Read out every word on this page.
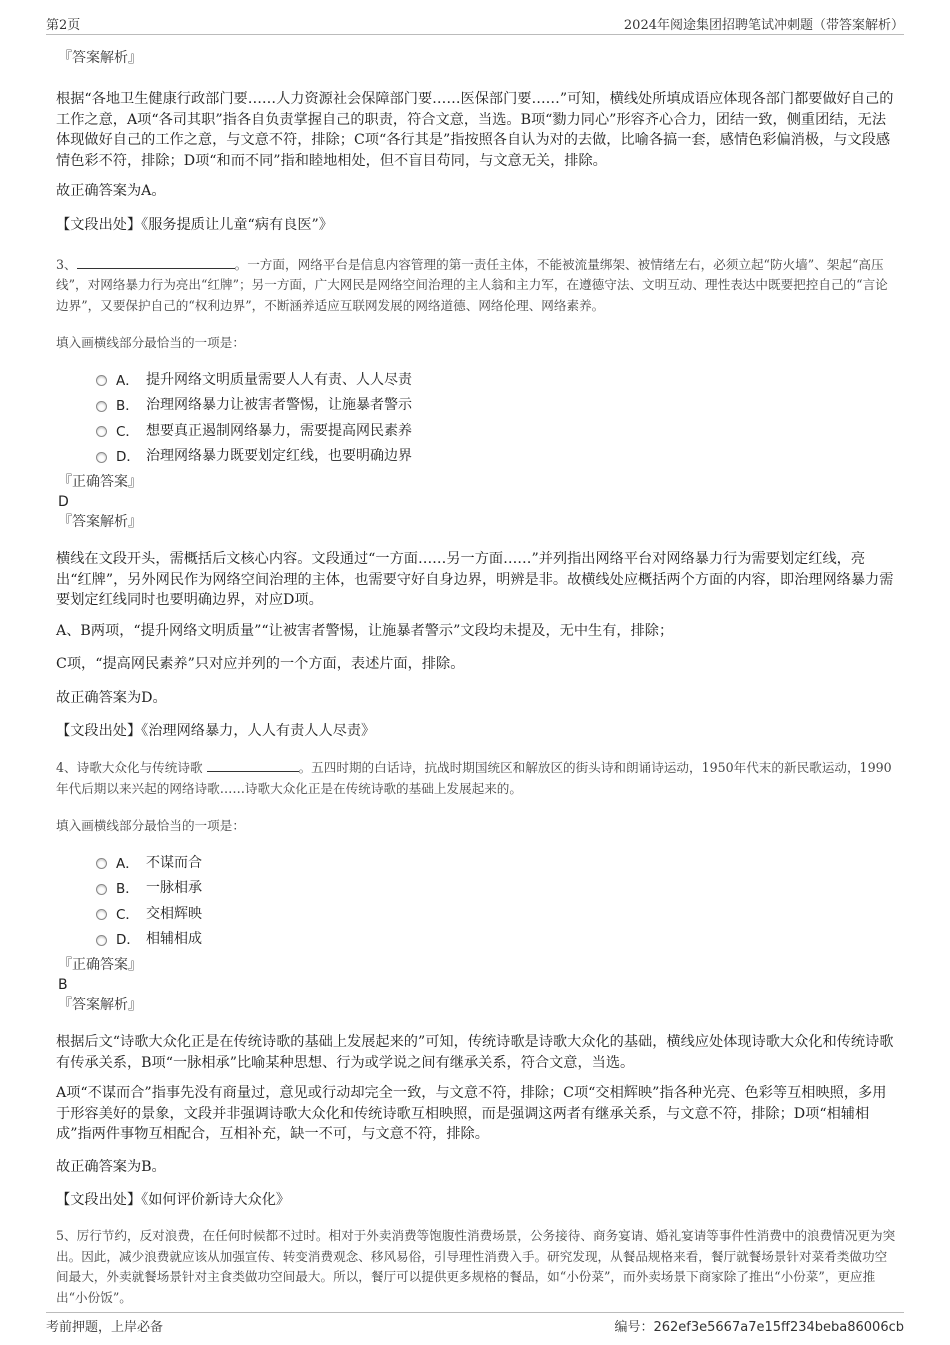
第2页	2024年阅途集团招聘笔试冲刺题（带答案解析）
『答案解析』

根据“各地卫生健康行政部门要……人力资源社会保障部门要……医保部门要……”可知，横线处所填成语应体现各部门都要做好自己的工作之意，A项“各司其职”指各自负责掌握自己的职责，符合文意，当选。B项“勠力同心”形容齐心合力，团结一致，侧重团结，无法体现做好自己的工作之意，与文意不符，排除；C项“各行其是”指按照各自认为对的去做，比喻各搞一套，感情色彩偏消极，与文段感情色彩不符，排除；D项“和而不同”指和睦地相处，但不盲目苟同，与文意无关，排除。

故正确答案为A。

【文段出处】《服务提质让儿童“病有良医”》

3、	。一方面，网络平台是信息内容管理的第一责任主体，不能被流量绑架、被情绪左右，必须立起“防火墙”、架起“高压线”，对网络暴力行为亮出“红牌”；另一方面，广大网民是网络空间治理的主人翁和主力军，在遵德守法、文明互动、理性表达中既要把控自己的“言论边界”，又要保护自己的“权利边界”，不断涵养适应互联网发展的网络道德、网络伦理、网络素养。

填入画横线部分最恰当的一项是：
A． 提升网络文明质量需要人人有责、人人尽责
B． 治理网络暴力让被害者警惕，让施暴者警示
C． 想要真正遏制网络暴力，需要提高网民素养
D． 治理网络暴力既要划定红线，也要明确边界
『正确答案』
D
『答案解析』

横线在文段开头，需概括后文核心内容。文段通过“一方面……另一方面……”并列指出网络平台对网络暴力行为需要划定红线，亮出“红牌”，另外网民作为网络空间治理的主体，也需要守好自身边界，明辨是非。故横线处应概括两个方面的内容，即治理网络暴力需要划定红线同时也要明确边界，对应D项。

A、B两项，“提升网络文明质量”“让被害者警惕，让施暴者警示”文段均未提及，无中生有，排除；

C项，“提高网民素养”只对应并列的一个方面，表述片面，排除。

故正确答案为D。

【文段出处】《治理网络暴力，人人有责人人尽责》

4、诗歌大众化与传统诗歌	。五四时期的白话诗，抗战时期国统区和解放区的街头诗和朗诵诗运动，1950年代末的新民歌运动，1990年代后期以来兴起的网络诗歌……诗歌大众化正是在传统诗歌的基础上发展起来的。

填入画横线部分最恰当的一项是：
A． 不谋而合
B． 一脉相承
C． 交相辉映
D． 相辅相成
『正确答案』
B
『答案解析』

根据后文“诗歌大众化正是在传统诗歌的基础上发展起来的”可知，传统诗歌是诗歌大众化的基础，横线应处体现诗歌大众化和传统诗歌有传承关系，B项“一脉相承”比喻某种思想、行为或学说之间有继承关系，符合文意，当选。

A项“不谋而合”指事先没有商量过，意见或行动却完全一致，与文意不符，排除；C项“交相辉映”指各种光亮、色彩等互相映照，多用于形容美好的景象，文段并非强调诗歌大众化和传统诗歌互相映照，而是强调这两者有继承关系，与文意不符，排除；D项“相辅相成”指两件事物互相配合，互相补充，缺一不可，与文意不符，排除。

故正确答案为B。

【文段出处】《如何评价新诗大众化》

5、厉行节约，反对浪费，在任何时候都不过时。相对于外卖消费等饱腹性消费场景，公务接待、商务宴请、婚礼宴请等事件性消费中的浪费情况更为突出。因此，减少浪费就应该从加强宣传、转变消费观念、移风易俗，引导理性消费入手。研究发现，从餐品规格来看，餐厅就餐场景针对菜肴类做功空间最大，外卖就餐场景针对主食类做功空间最大。所以，餐厅可以提供更多规格的餐品，如“小份菜”，而外卖场景下商家除了推出“小份菜”，更应推出“小份饭”。

考前押题，上岸必备	编号：262ef3e5667a7e15ff234beba86006cb
